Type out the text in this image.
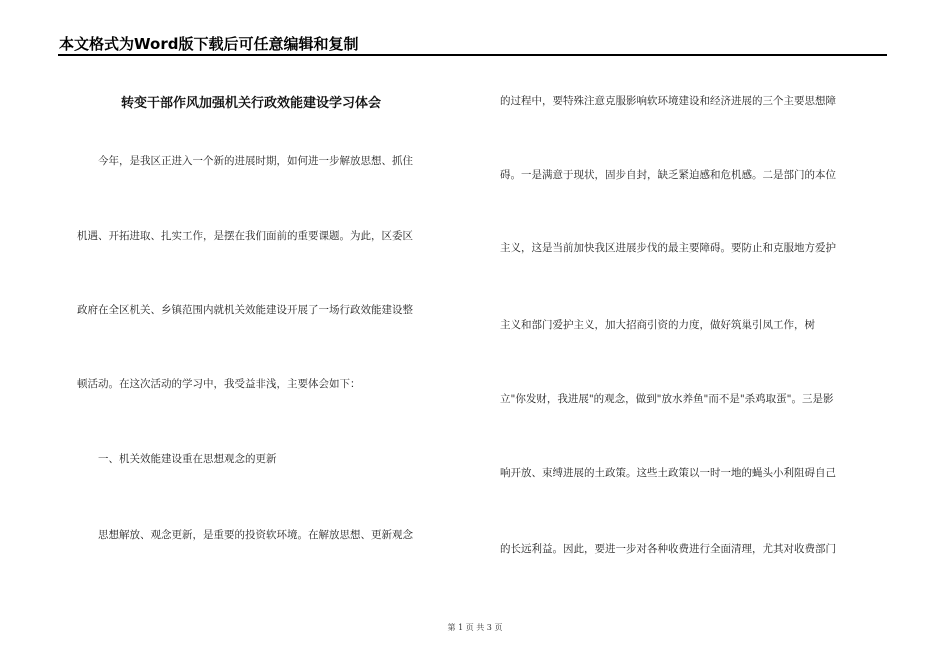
本文格式为Word版下载后可任意编辑和复制
转变干部作风加强机关行政效能建设学习体会
　　今年，是我区正进入一个新的进展时期，如何进一步解放思想、抓住
机遇、开拓进取、扎实工作，是摆在我们面前的重要课题。为此，区委区
政府在全区机关、乡镇范围内就机关效能建设开展了一场行政效能建设整
顿活动。在这次活动的学习中，我受益非浅，主要体会如下：
　　一、机关效能建设重在思想观念的更新
　　思想解放、观念更新，是重要的投资软环境。在解放思想、更新观念
的过程中，要特殊注意克服影响软环境建设和经济进展的三个主要思想障
碍。一是满意于现状，固步自封，缺乏紧迫感和危机感。二是部门的本位
主义，这是当前加快我区进展步伐的最主要障碍。要防止和克服地方爱护
主义和部门爱护主义，加大招商引资的力度，做好筑巢引凤工作，树
立"你发财，我进展"的观念，做到"放水养鱼"而不是"杀鸡取蛋"。三是影
响开放、束缚进展的土政策。这些土政策以一时一地的蝇头小利阻碍自己
的长远利益。因此，要进一步对各种收费进行全面清理，尤其对收费部门
第 1 页 共 3 页
